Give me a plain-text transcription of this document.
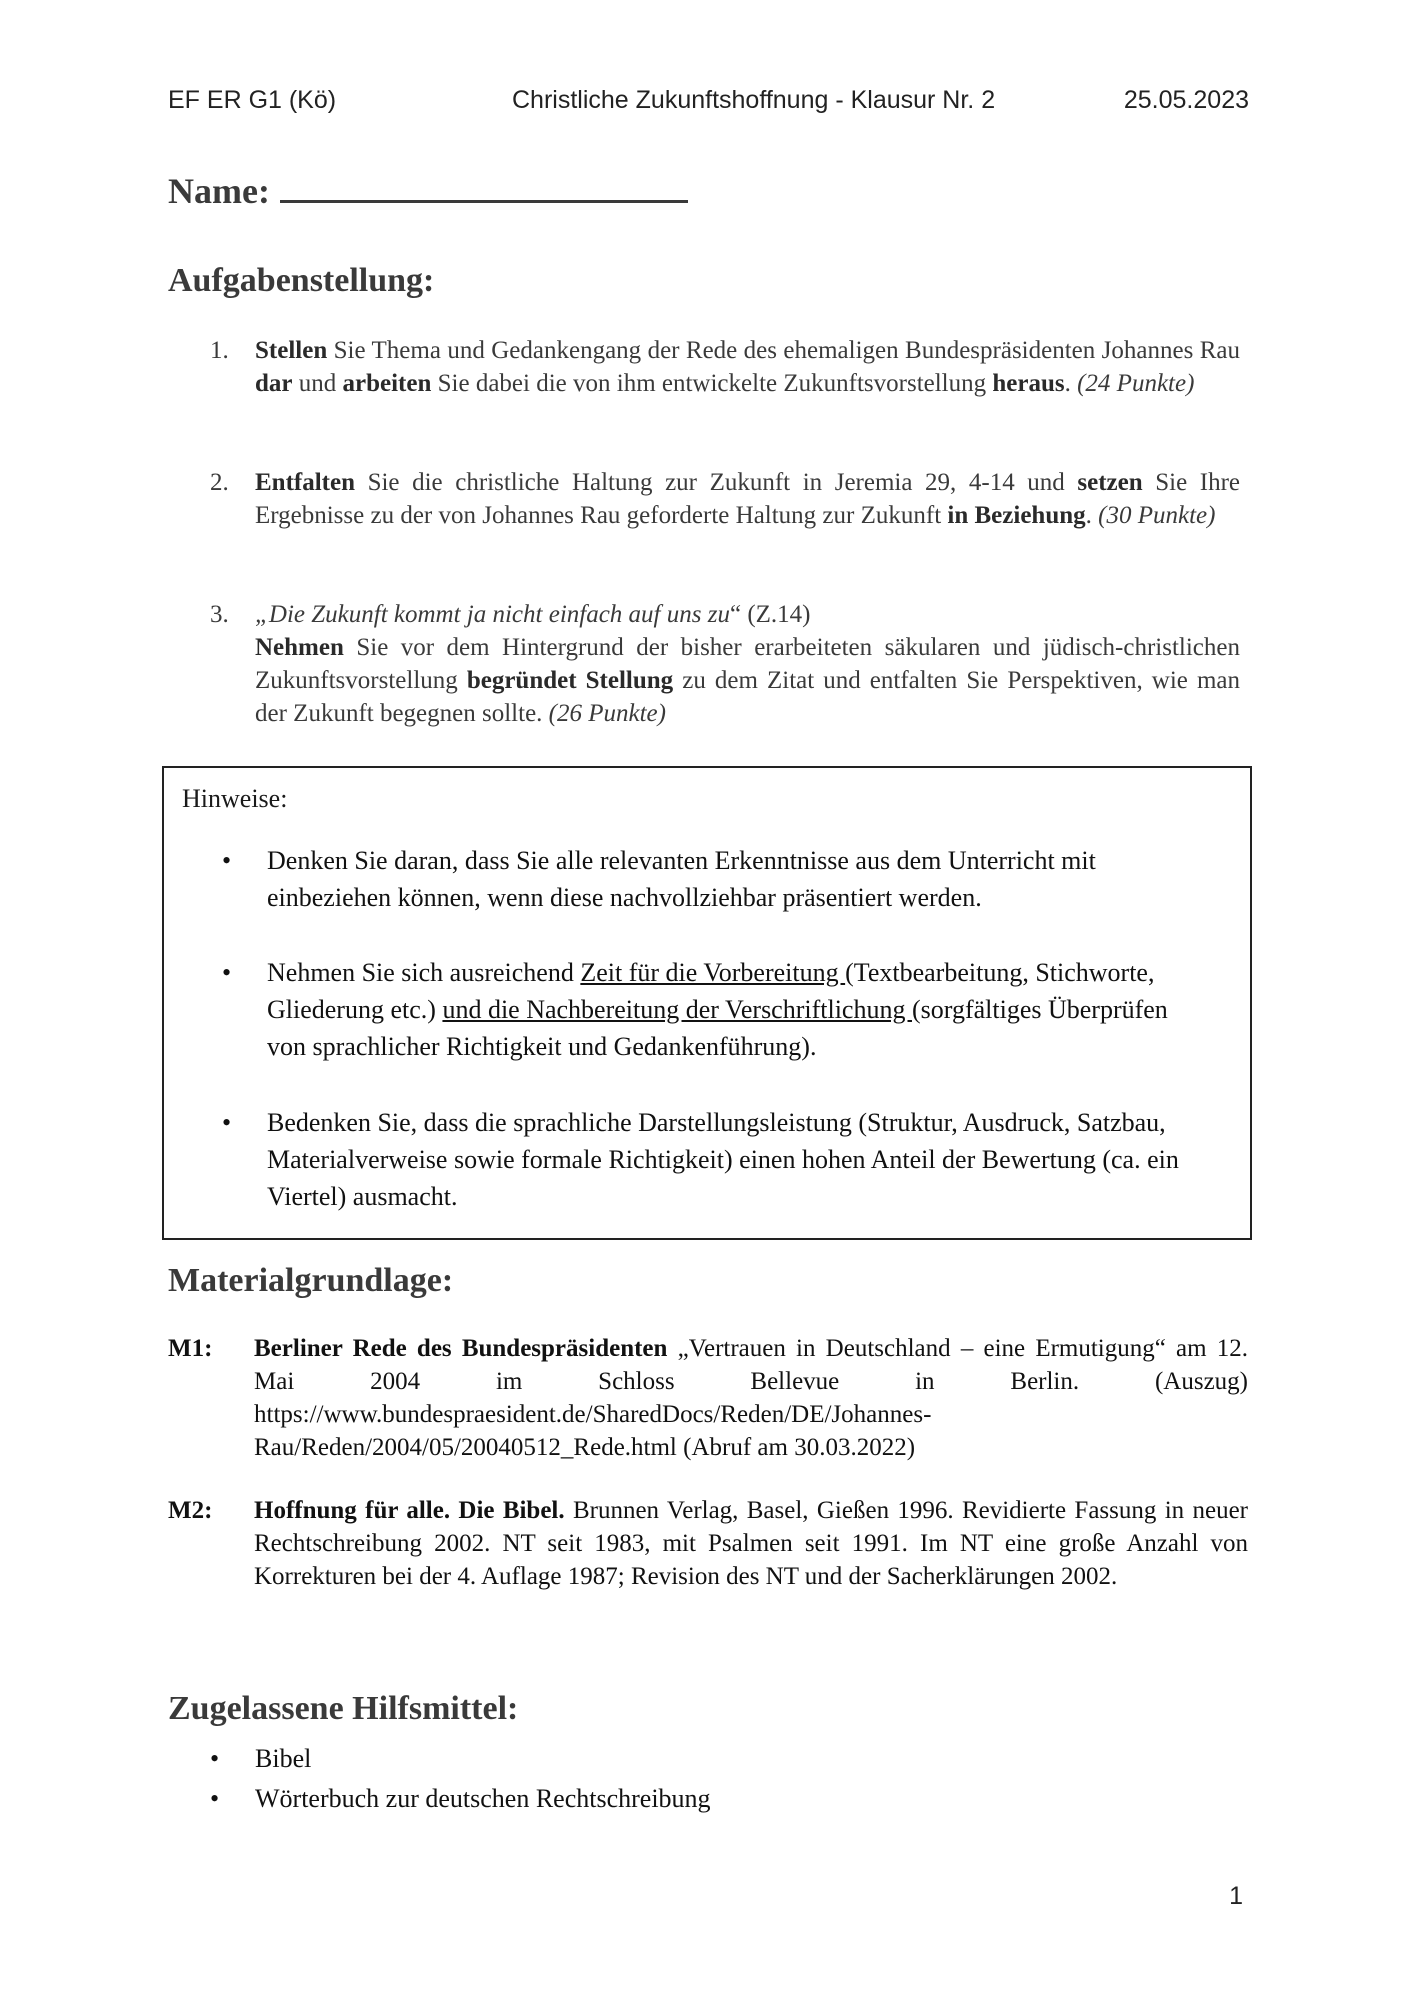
EF ER G1 (Kö)	Christliche Zukunftshoffnung - Klausur Nr. 2	25.05.2023
Name:
Aufgabenstellung:
1.	Stellen Sie Thema und Gedankengang der Rede des ehemaligen Bundespräsidenten Johannes Rau dar und arbeiten Sie dabei die von ihm entwickelte Zukunftsvorstellung heraus. (24 Punkte)

2.	Entfalten Sie die christliche Haltung zur Zukunft in Jeremia 29, 4-14 und setzen Sie Ihre Ergebnisse zu der von Johannes Rau geforderte Haltung zur Zukunft in Beziehung. (30 Punkte)

3.	„Die Zukunft kommt ja nicht einfach auf uns zu“ (Z.14)

Nehmen Sie vor dem Hintergrund der bisher erarbeiteten säkularen und jüdisch-christlichen Zukunftsvorstellung begründet Stellung zu dem Zitat und entfalten Sie Perspektiven, wie man der Zukunft begegnen sollte. (26 Punkte)

Hinweise:
• Denken Sie daran, dass Sie alle relevanten Erkenntnisse aus dem Unterricht mit einbeziehen können, wenn diese nachvollziehbar präsentiert werden.
• Nehmen Sie sich ausreichend Zeit für die Vorbereitung (Textbearbeitung, Stichworte, Gliederung etc.) und die Nachbereitung der Verschriftlichung (sorgfältiges Überprüfen von sprachlicher Richtigkeit und Gedankenführung).
• Bedenken Sie, dass die sprachliche Darstellungsleistung (Struktur, Ausdruck, Satzbau, Materialverweise sowie formale Richtigkeit) einen hohen Anteil der Bewertung (ca. ein Viertel) ausmacht.
Materialgrundlage:
M1: Berliner Rede des Bundespräsidenten „Vertrauen in Deutschland – eine Ermutigung“ am 12. Mai 2004 im Schloss Bellevue in Berlin. (Auszug) https://www.bundespraesident.de/SharedDocs/Reden/DE/Johannes-Rau/Reden/2004/05/20040512_Rede.html (Abruf am 30.03.2022)
M2: Hoffnung für alle. Die Bibel. Brunnen Verlag, Basel, Gießen 1996. Revidierte Fassung in neuer Rechtschreibung 2002. NT seit 1983, mit Psalmen seit 1991. Im NT eine große Anzahl von Korrekturen bei der 4. Auflage 1987; Revision des NT und der Sacherklärungen 2002.
Zugelassene Hilfsmittel:
• Bibel
• Wörterbuch zur deutschen Rechtschreibung
1
